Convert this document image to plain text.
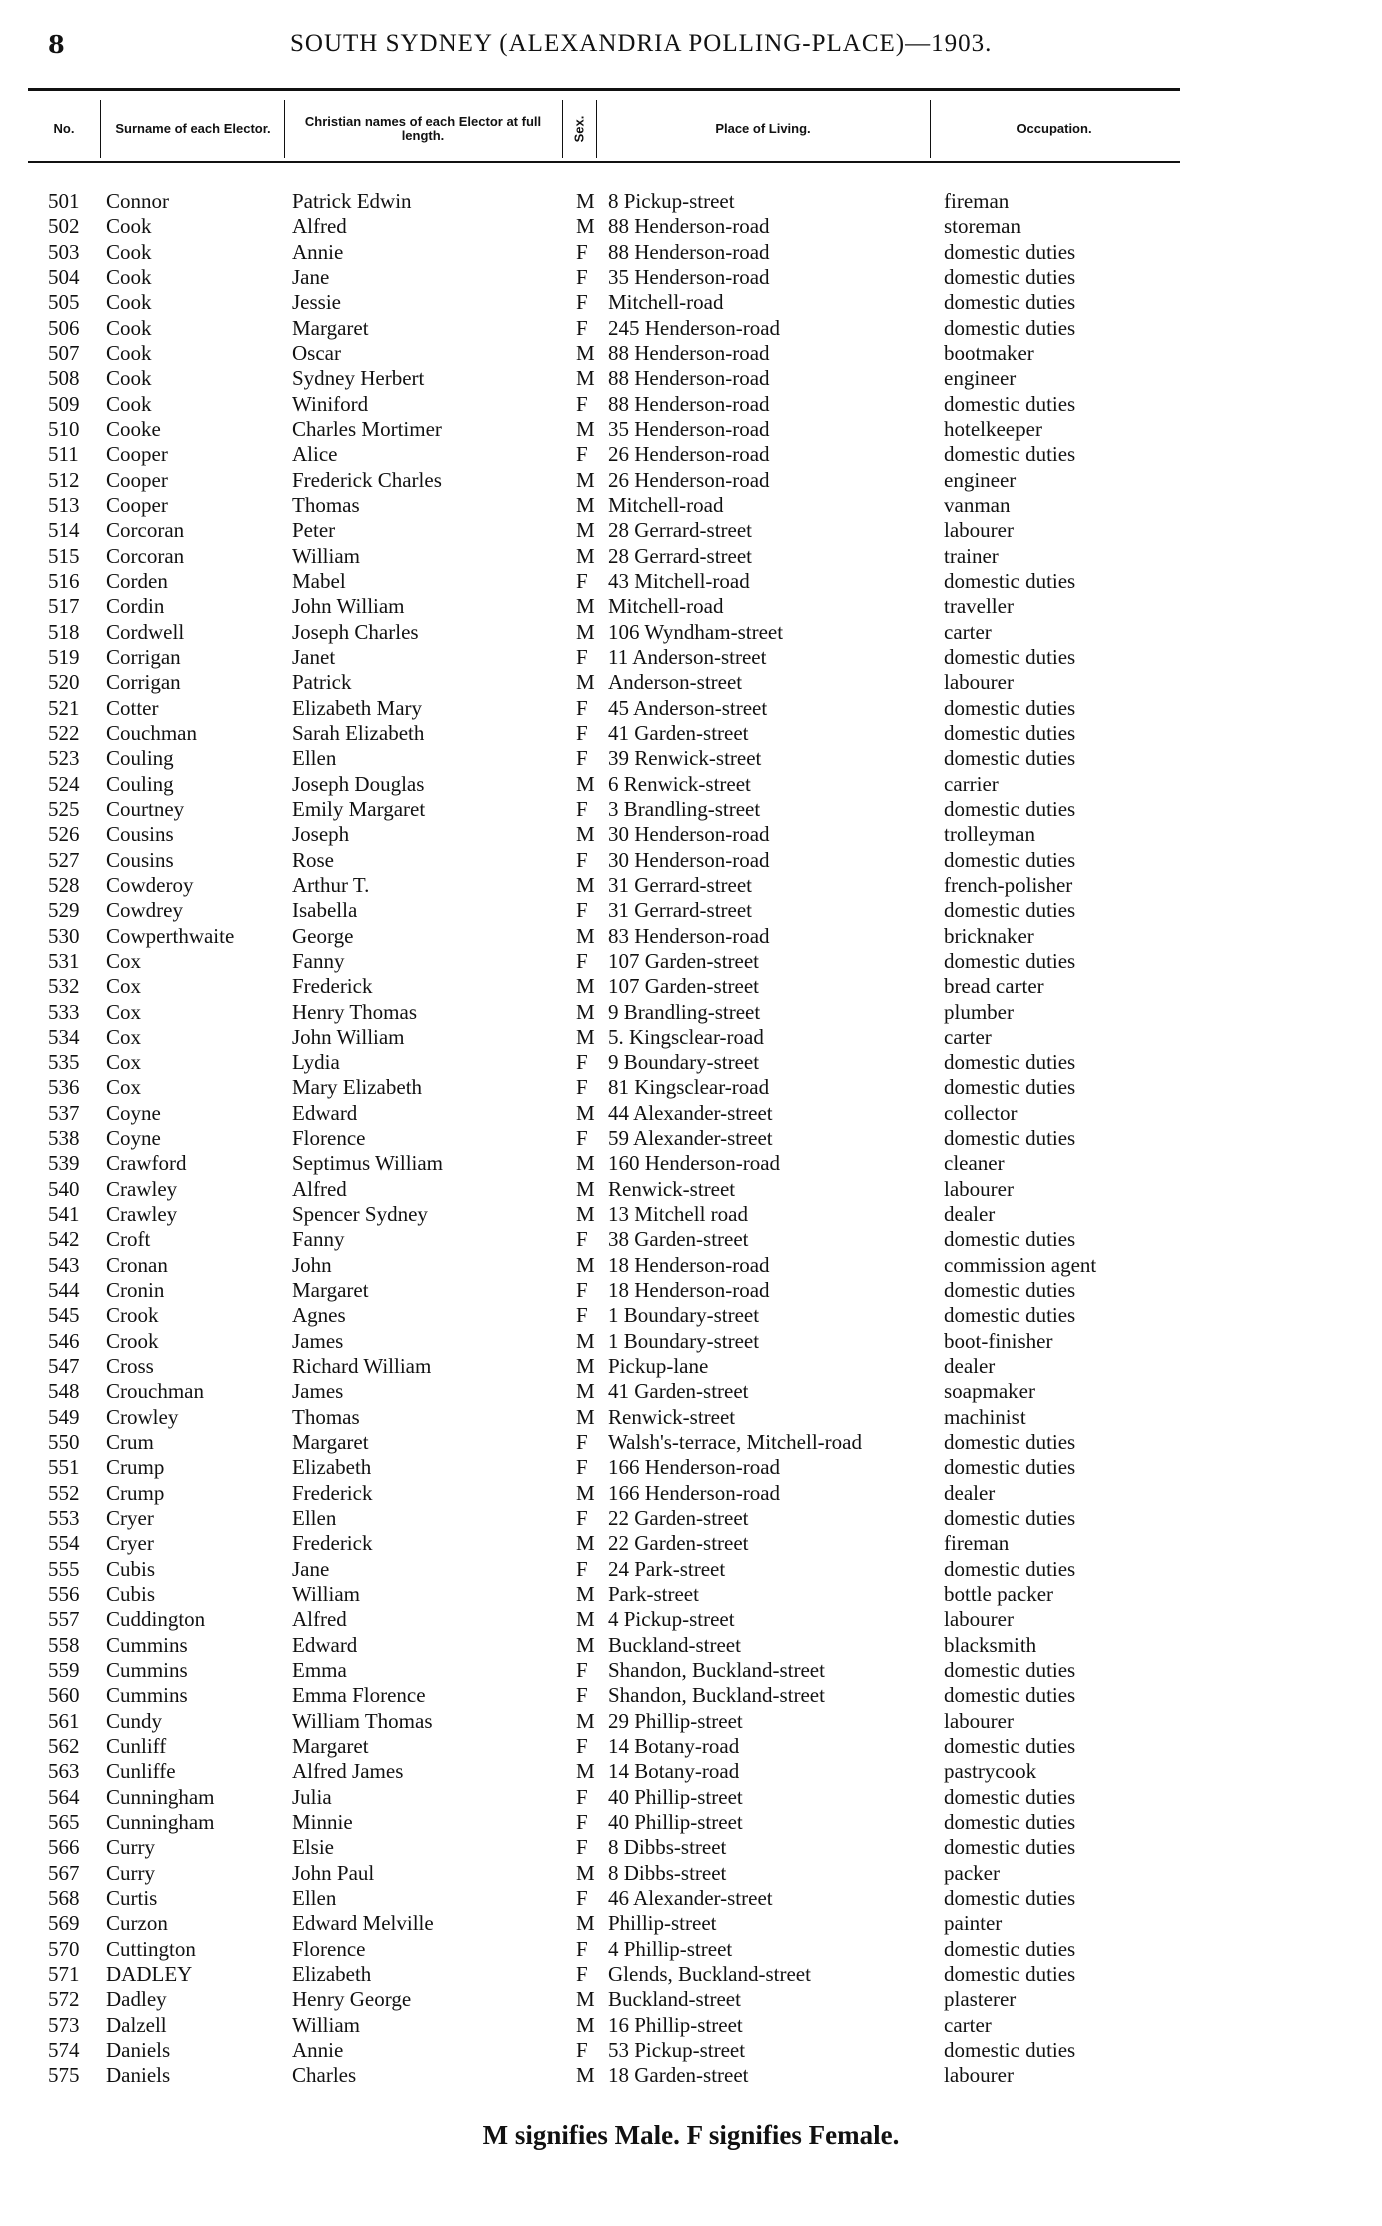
8	SOUTH SYDNEY (ALEXANDRIA POLLING-PLACE)—1903.
No.	Surname of each Elector.	Christian names of each Elector at full length.	Sex.	Place of Living.	Occupation.
501 Connor	Patrick Edwin	M 8 Pickup-street	fireman
502 Cook	Alfred	M 88 Henderson-road	storeman
503 Cook	Annie	F 88 Henderson-road	domestic duties
504 Cook	Jane	F 35 Henderson-road	domestic duties
505 Cook	Jessie	F Mitchell-road	domestic duties
506 Cook	Margaret	F 245 Henderson-road	domestic duties
507 Cook	Oscar	M 88 Henderson-road	bootmaker
508 Cook	Sydney Herbert	M 88 Henderson-road	engineer
509 Cook	Winiford	F 88 Henderson-road	domestic duties
510 Cooke	Charles Mortimer	M 35 Henderson-road	hotelkeeper
511 Cooper	Alice	F 26 Henderson-road	domestic duties
512 Cooper	Frederick Charles	M 26 Henderson-road	engineer
513 Cooper	Thomas	M Mitchell-road	vanman
514 Corcoran	Peter	M 28 Gerrard-street	labourer
515 Corcoran	William	M 28 Gerrard-street	trainer
516 Corden	Mabel	F 43 Mitchell-road	domestic duties
517 Cordin	John William	M Mitchell-road	traveller
518 Cordwell	Joseph Charles	M 106 Wyndham-street	carter
519 Corrigan	Janet	F 11 Anderson-street	domestic duties
520 Corrigan	Patrick	M Anderson-street	labourer
521 Cotter	Elizabeth Mary	F 45 Anderson-street	domestic duties
522 Couchman	Sarah Elizabeth	F 41 Garden-street	domestic duties
523 Couling	Ellen	F 39 Renwick-street	domestic duties
524 Couling	Joseph Douglas	M 6 Renwick-street	carrier
525 Courtney	Emily Margaret	F 3 Brandling-street	domestic duties
526 Cousins	Joseph	M 30 Henderson-road	trolleyman
527 Cousins	Rose	F 30 Henderson-road	domestic duties
528 Cowderoy	Arthur T.	M 31 Gerrard-street	french-polisher
529 Cowdrey	Isabella	F 31 Gerrard-street	domestic duties
530 Cowperthwaite	George	M 83 Henderson-road	bricknaker
531 Cox	Fanny	F 107 Garden-street	domestic duties
532 Cox	Frederick	M 107 Garden-street	bread carter
533 Cox	Henry Thomas	M 9 Brandling-street	plumber
534 Cox	John William	M 5. Kingsclear-road	carter
535 Cox	Lydia	F 9 Boundary-street	domestic duties
536 Cox	Mary Elizabeth	F 81 Kingsclear-road	domestic duties
537 Coyne	Edward	M 44 Alexander-street	collector
538 Coyne	Florence	F 59 Alexander-street	domestic duties
539 Crawford	Septimus William	M 160 Henderson-road	cleaner
540 Crawley	Alfred	M Renwick-street	labourer
541 Crawley	Spencer Sydney	M 13 Mitchell road	dealer
542 Croft	Fanny	F 38 Garden-street	domestic duties
543 Cronan	John	M 18 Henderson-road	commission agent
544 Cronin	Margaret	F 18 Henderson-road	domestic duties
545 Crook	Agnes	F 1 Boundary-street	domestic duties
546 Crook	James	M 1 Boundary-street	boot-finisher
547 Cross	Richard William	M Pickup-lane	dealer
548 Crouchman	James	M 41 Garden-street	soapmaker
549 Crowley	Thomas	M Renwick-street	machinist
550 Crum	Margaret	F Walsh's-terrace, Mitchell-road	domestic duties
551 Crump	Elizabeth	F 166 Henderson-road	domestic duties
552 Crump	Frederick	M 166 Henderson-road	dealer
553 Cryer	Ellen	F 22 Garden-street	domestic duties
554 Cryer	Frederick	M 22 Garden-street	fireman
555 Cubis	Jane	F 24 Park-street	domestic duties
556 Cubis	William	M Park-street	bottle packer
557 Cuddington	Alfred	M 4 Pickup-street	labourer
558 Cummins	Edward	M Buckland-street	blacksmith
559 Cummins	Emma	F Shandon, Buckland-street	domestic duties
560 Cummins	Emma Florence	F Shandon, Buckland-street	domestic duties
561 Cundy	William Thomas	M 29 Phillip-street	labourer
562 Cunliff	Margaret	F 14 Botany-road	domestic duties
563 Cunliffe	Alfred James	M 14 Botany-road	pastrycook
564 Cunningham	Julia	F 40 Phillip-street	domestic duties
565 Cunningham	Minnie	F 40 Phillip-street	domestic duties
566 Curry	Elsie	F 8 Dibbs-street	domestic duties
567 Curry	John Paul	M 8 Dibbs-street	packer
568 Curtis	Ellen	F 46 Alexander-street	domestic duties
569 Curzon	Edward Melville	M Phillip-street	painter
570 Cuttington	Florence	F 4 Phillip-street	domestic duties
571 DADLEY	Elizabeth	F Glends, Buckland-street	domestic duties
572 Dadley	Henry George	M Buckland-street	plasterer
573 Dalzell	William	M 16 Phillip-street	carter
574 Daniels	Annie	F 53 Pickup-street	domestic duties
575 Daniels	Charles	M 18 Garden-street	labourer
M signifies Male. F signifies Female.
